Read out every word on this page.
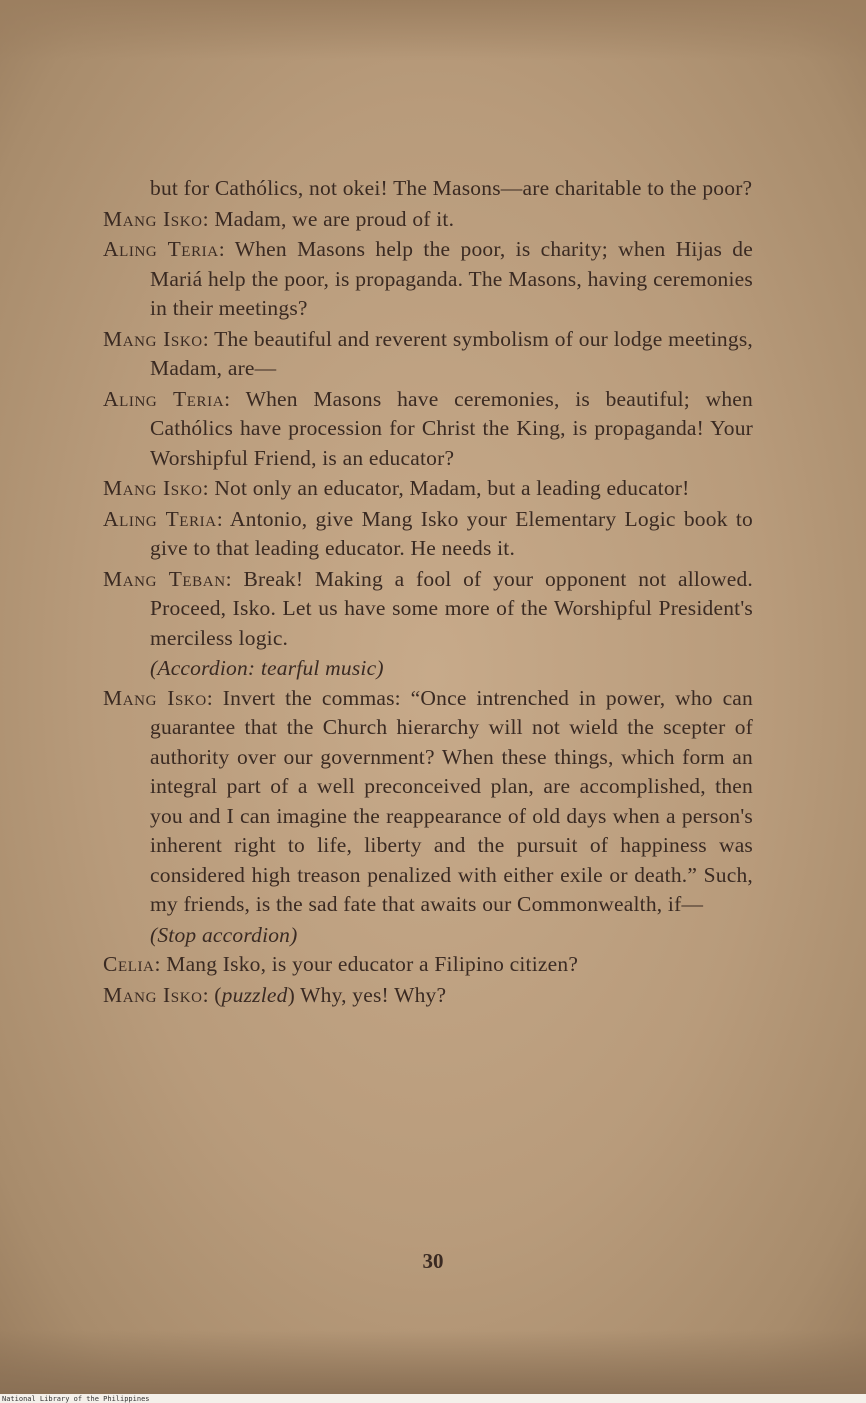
but for Cathólics, not okei! The Masons—are charitable to the poor?

Mang Isko: Madam, we are proud of it.

Aling Teria: When Masons help the poor, is charity; when Hijas de Mariá help the poor, is propaganda. The Masons, having ceremonies in their meetings?

Mang Isko: The beautiful and reverent symbolism of our lodge meetings, Madam, are—

Aling Teria: When Masons have ceremonies, is beautiful; when Cathólics have procession for Christ the King, is propaganda! Your Worshipful Friend, is an educator?

Mang Isko: Not only an educator, Madam, but a leading educator!

Aling Teria: Antonio, give Mang Isko your Elementary Logic book to give to that leading educator. He needs it.

Mang Teban: Break! Making a fool of your opponent not allowed. Proceed, Isko. Let us have some more of the Worshipful President's merciless logic.

(Accordion: tearful music)

Mang Isko: Invert the commas: “Once intrenched in power, who can guarantee that the Church hierarchy will not wield the scepter of authority over our government? When these things, which form an integral part of a well preconceived plan, are accomplished, then you and I can imagine the reappearance of old days when a person's inherent right to life, liberty and the pursuit of happiness was considered high treason penalized with either exile or death.” Such, my friends, is the sad fate that awaits our Commonwealth, if—

(Stop accordion)

Celia: Mang Isko, is your educator a Filipino citizen?

Mang Isko: (puzzled) Why, yes! Why?

30
National Library of the Philippines
